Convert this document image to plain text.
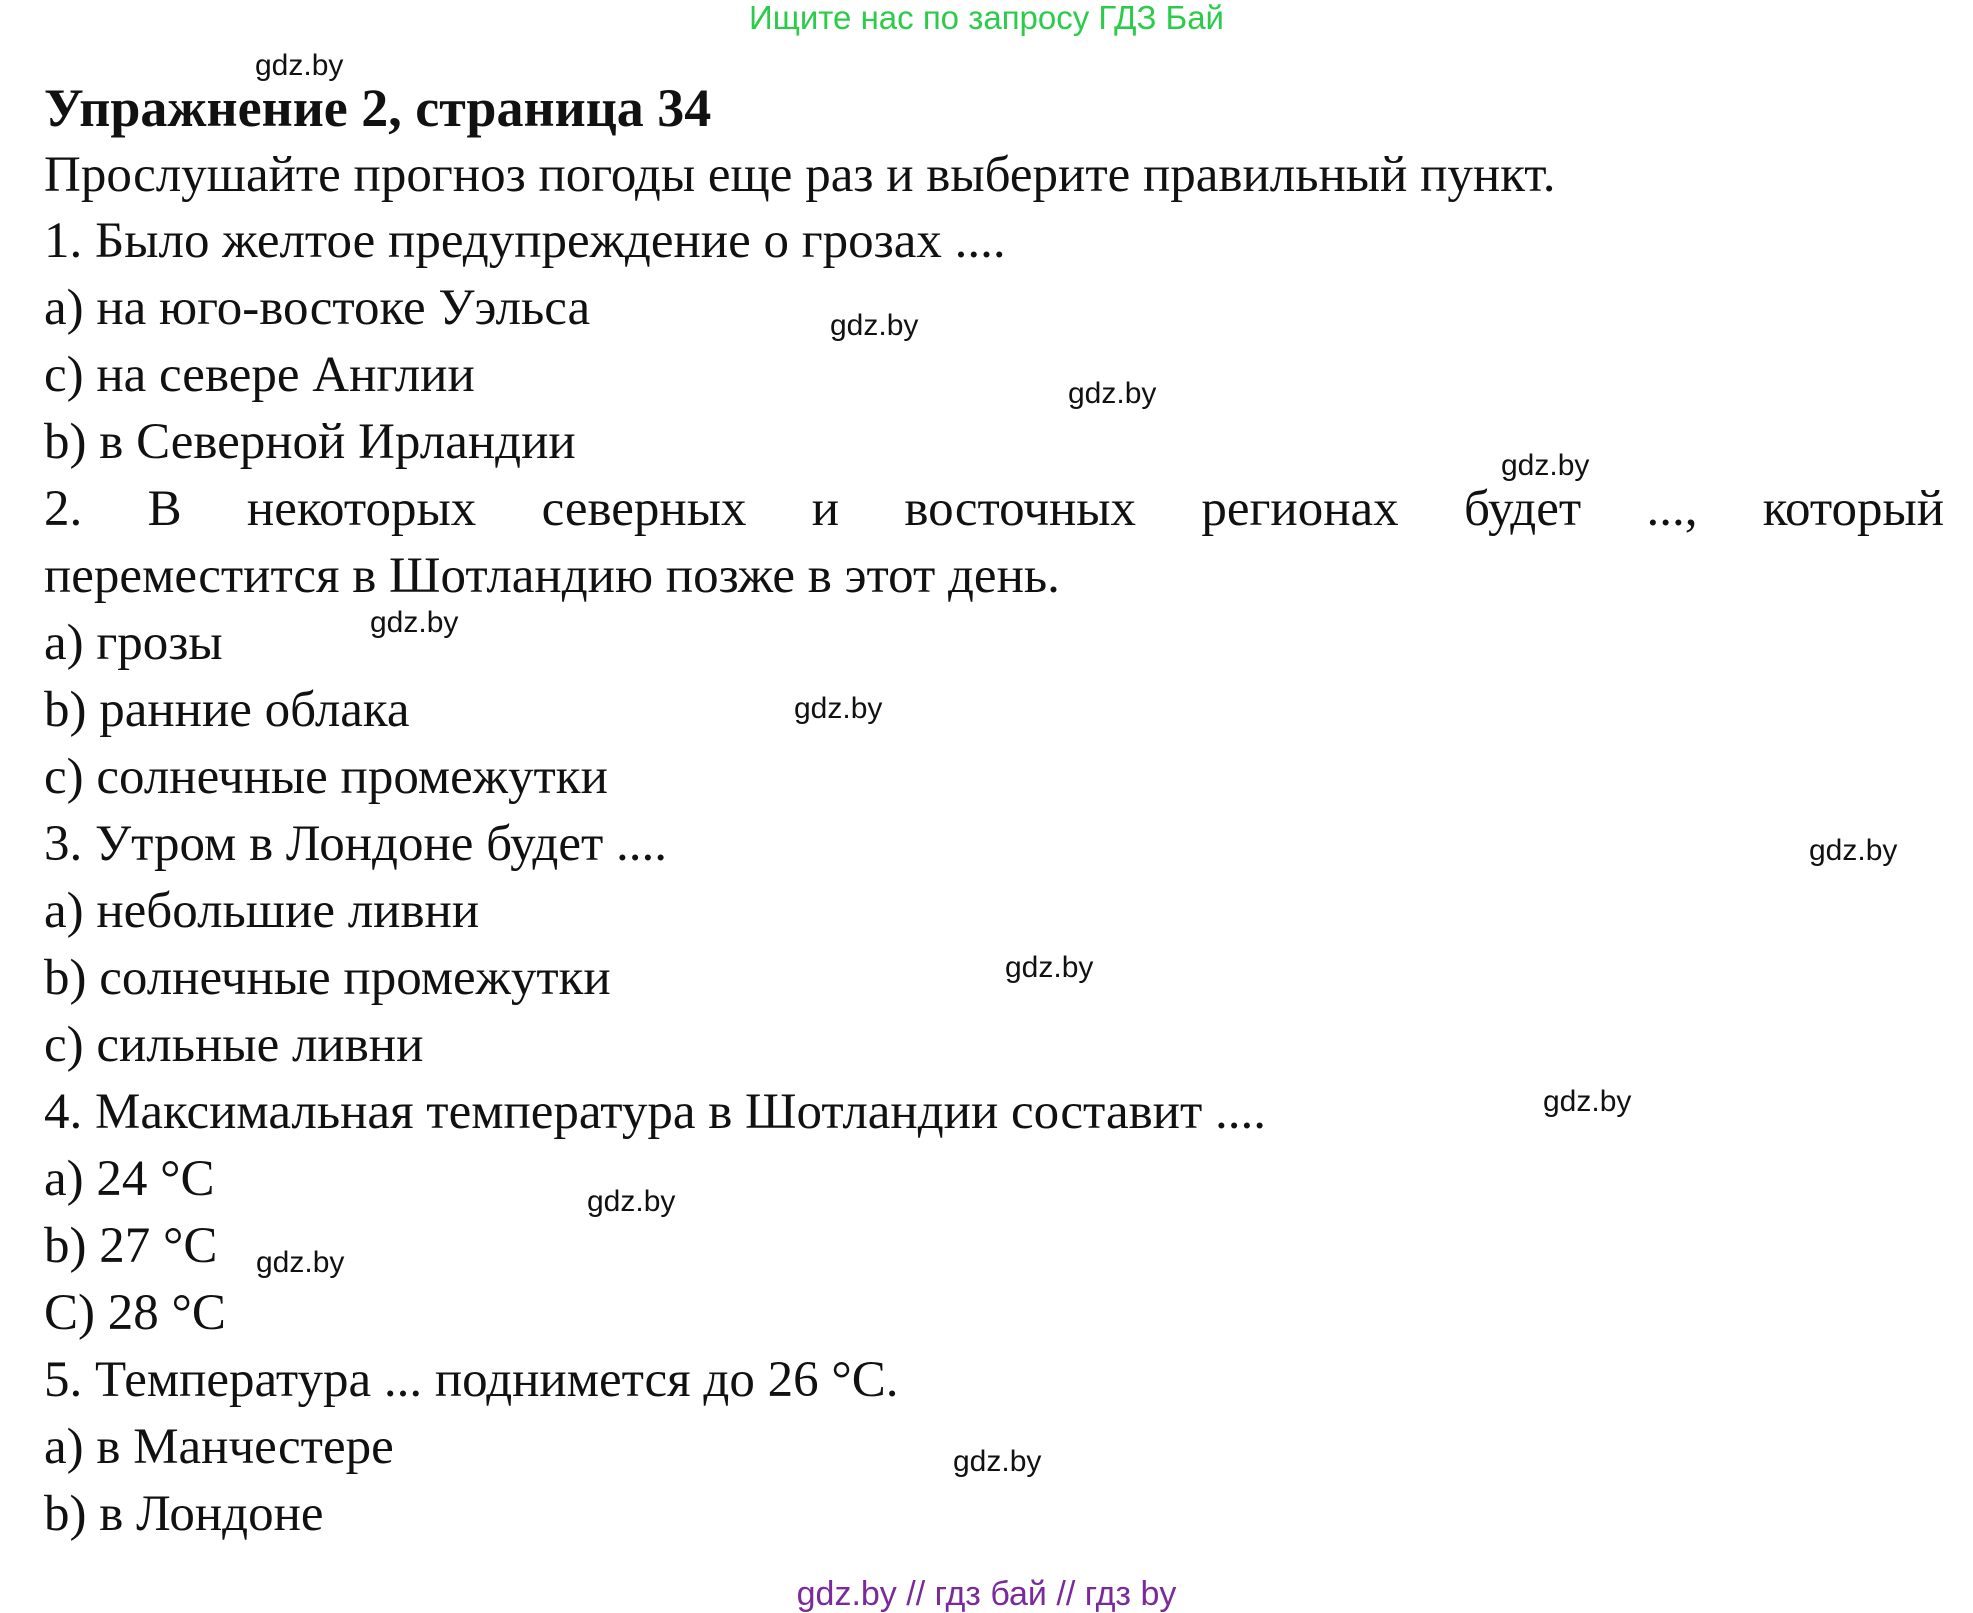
Ищите нас по запросу ГДЗ Бай
gdz.by
Упражнение 2, страница 34
Прослушайте прогноз погоды еще раз и выберите правильный пункт.
1. Было желтое предупреждение о грозах ....
a) на юго-востоке Уэльса	gdz.by
c) на севере Англии	gdz.by
b) в Северной Ирландии	gdz.by
2. В некоторых северных и восточных регионах будет ..., который
переместится в Шотландию позже в этот день.
gdz.by
a) грозы
b) ранние облака	gdz.by
c) солнечные промежутки
3. Утром в Лондоне будет ....	gdz.by
a) небольшие ливни
b) солнечные промежутки	gdz.by
c) сильные ливни
4. Максимальная температура в Шотландии составит ....	gdz.by
a) 24 °C	gdz.by
b) 27 °C gdz.by
C) 28 °C
5. Температура ... поднимется до 26 °C.
a) в Манчестере	gdz.by
b) в Лондоне
gdz.by // гдз бай // гдз by
